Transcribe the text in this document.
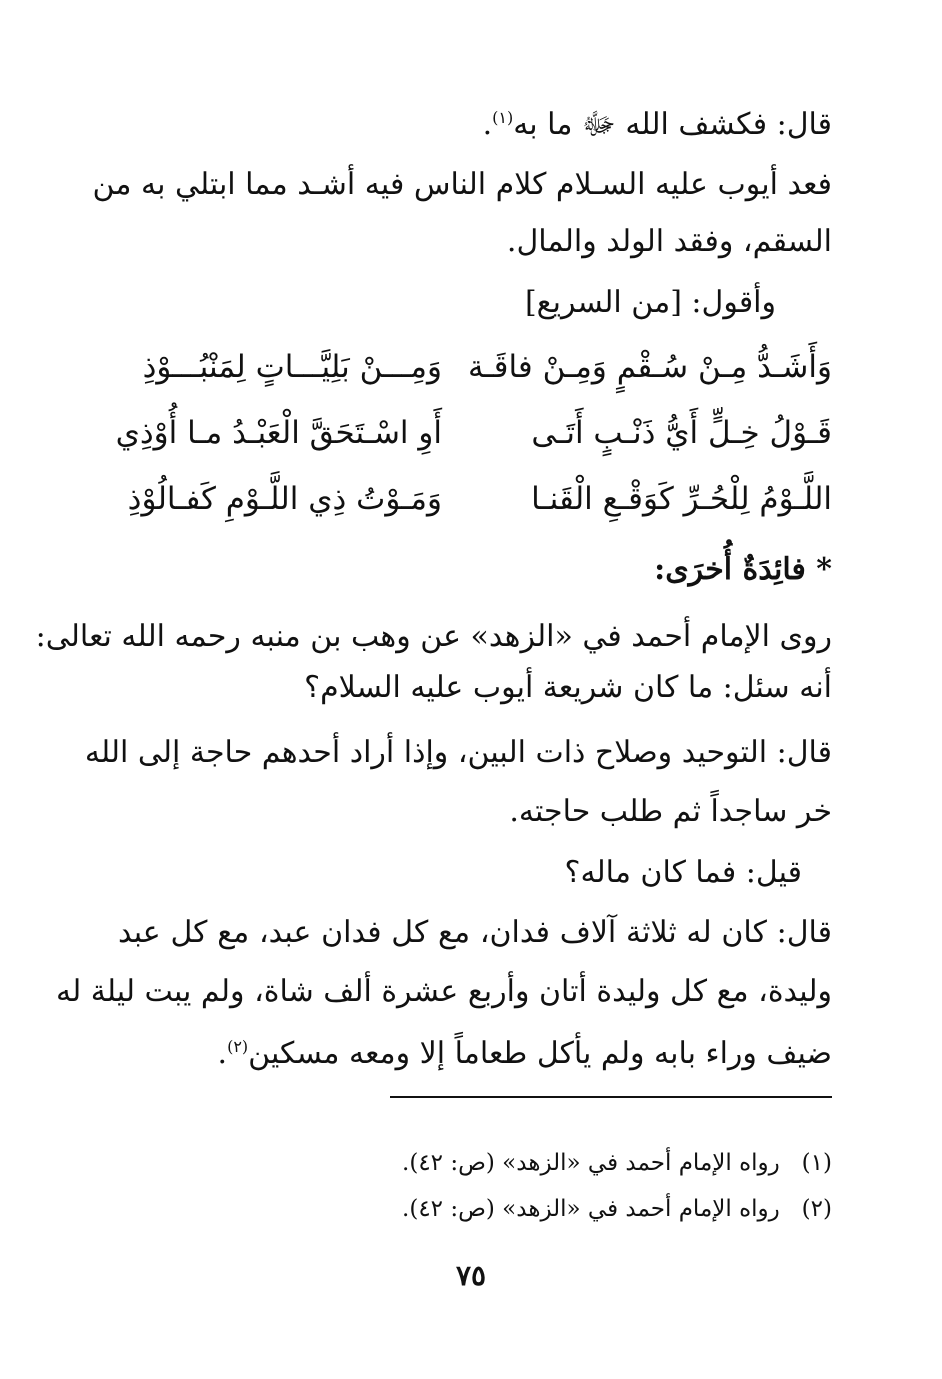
قال: فكشف الله ﷻ ما به$^{(١)}$.
فعد أيوب عليه السـلام كلام الناس فيه أشـد مما ابتلي به من
السقم، وفقد الولد والمال.
وأقول: [من السريع]
وَأَشَـدُّ مِـنْ سُـقْمٍ وَمِـنْ فاقَـة
وَمِـــنْ بَلِيَّـــاتٍ لِمَنْبُـــوْذِ
قَـوْلُ خِـلٍّ أَيُّ ذَنْـبٍ أَتَـى
أَوِ اسْـتَحَقَّ الْعَبْـدُ مـا أُوْذِي
اللَّـوْمُ لِلْحُـرِّ كَوَقْـعِ الْقَنـا
وَمَـوْتُ ذِي اللَّـوْمِ كَفـالُوْذِ
* فائِدَةٌ أُخرَى:
روى الإمام أحمد في «الزهد» عن وهب بن منبه رحمه الله تعالى:
أنه سئل: ما كان شريعة أيوب عليه السلام؟
قال: التوحيد وصلاح ذات البين، وإذا أراد أحدهم حاجة إلى الله
خر ساجداً ثم طلب حاجته.
قيل: فما كان ماله؟
قال: كان له ثلاثة آلاف فدان، مع كل فدان عبد، مع كل عبد
وليدة، مع كل وليدة أتان وأربع عشرة ألف شاة، ولم يبت ليلة له
ضيف وراء بابه ولم يأكل طعاماً إلا ومعه مسكين$^{(٢)}$.
(١)   رواه الإمام أحمد في «الزهد» (ص: ٤٢).
(٢)   رواه الإمام أحمد في «الزهد» (ص: ٤٢).
٧٥
